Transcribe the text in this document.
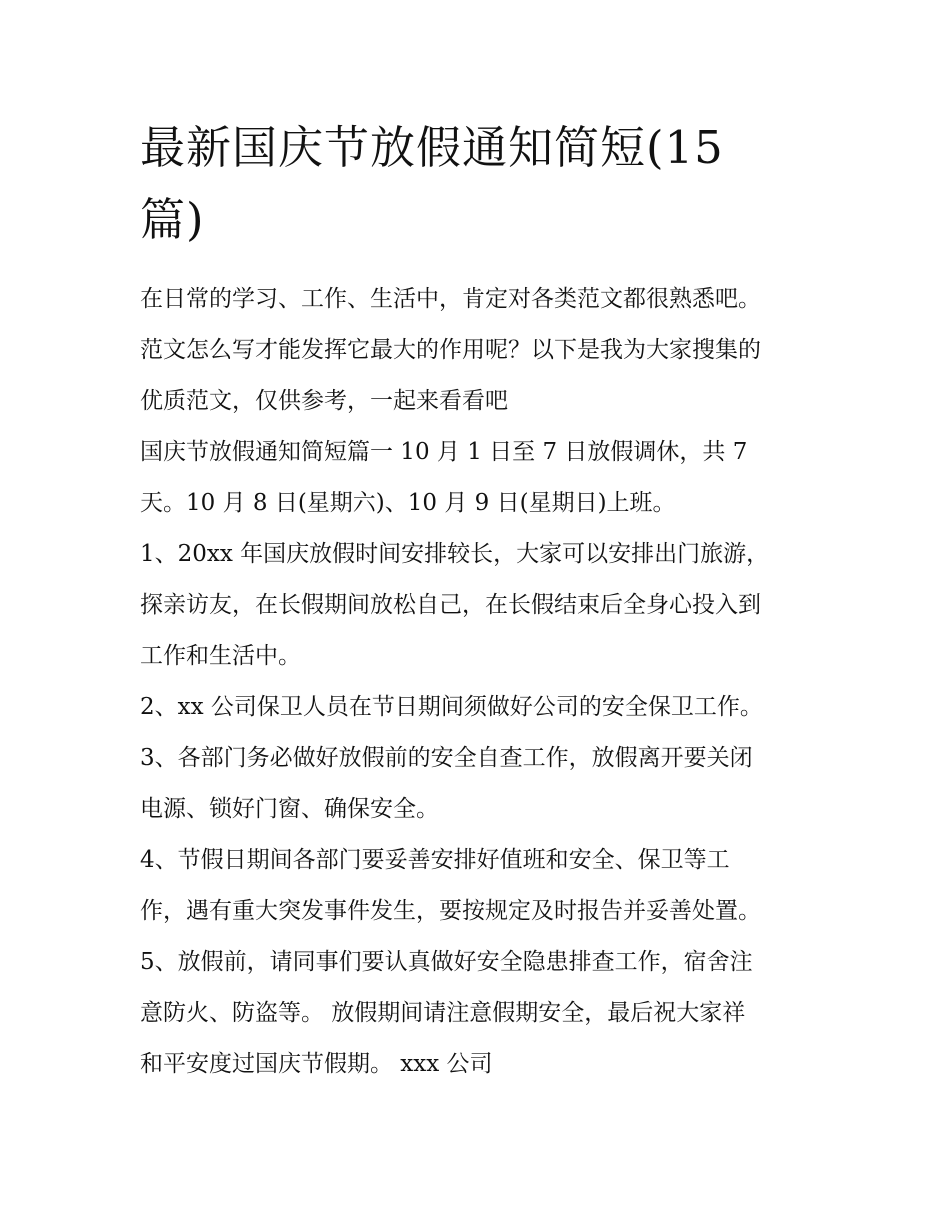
最新国庆节放假通知简短(15
篇)

在日常的学习、工作、生活中，肯定对各类范文都很熟悉吧。
范文怎么写才能发挥它最大的作用呢？以下是我为大家搜集的
优质范文，仅供参考，一起来看看吧

国庆节放假通知简短篇一 10 月 1 日至 7 日放假调休，共 7
天。10 月 8 日(星期六)、10 月 9 日(星期日)上班。

1、20xx 年国庆放假时间安排较长，大家可以安排出门旅游，
探亲访友，在长假期间放松自己，在长假结束后全身心投入到
工作和生活中。

2、xx 公司保卫人员在节日期间须做好公司的安全保卫工作。

3、各部门务必做好放假前的安全自查工作，放假离开要关闭
电源、锁好门窗、确保安全。

4、节假日期间各部门要妥善安排好值班和安全、保卫等工
作，遇有重大突发事件发生，要按规定及时报告并妥善处置。

5、放假前，请同事们要认真做好安全隐患排查工作，宿舍注
意防火、防盗等。 放假期间请注意假期安全，最后祝大家祥
和平安度过国庆节假期。 xxx 公司
